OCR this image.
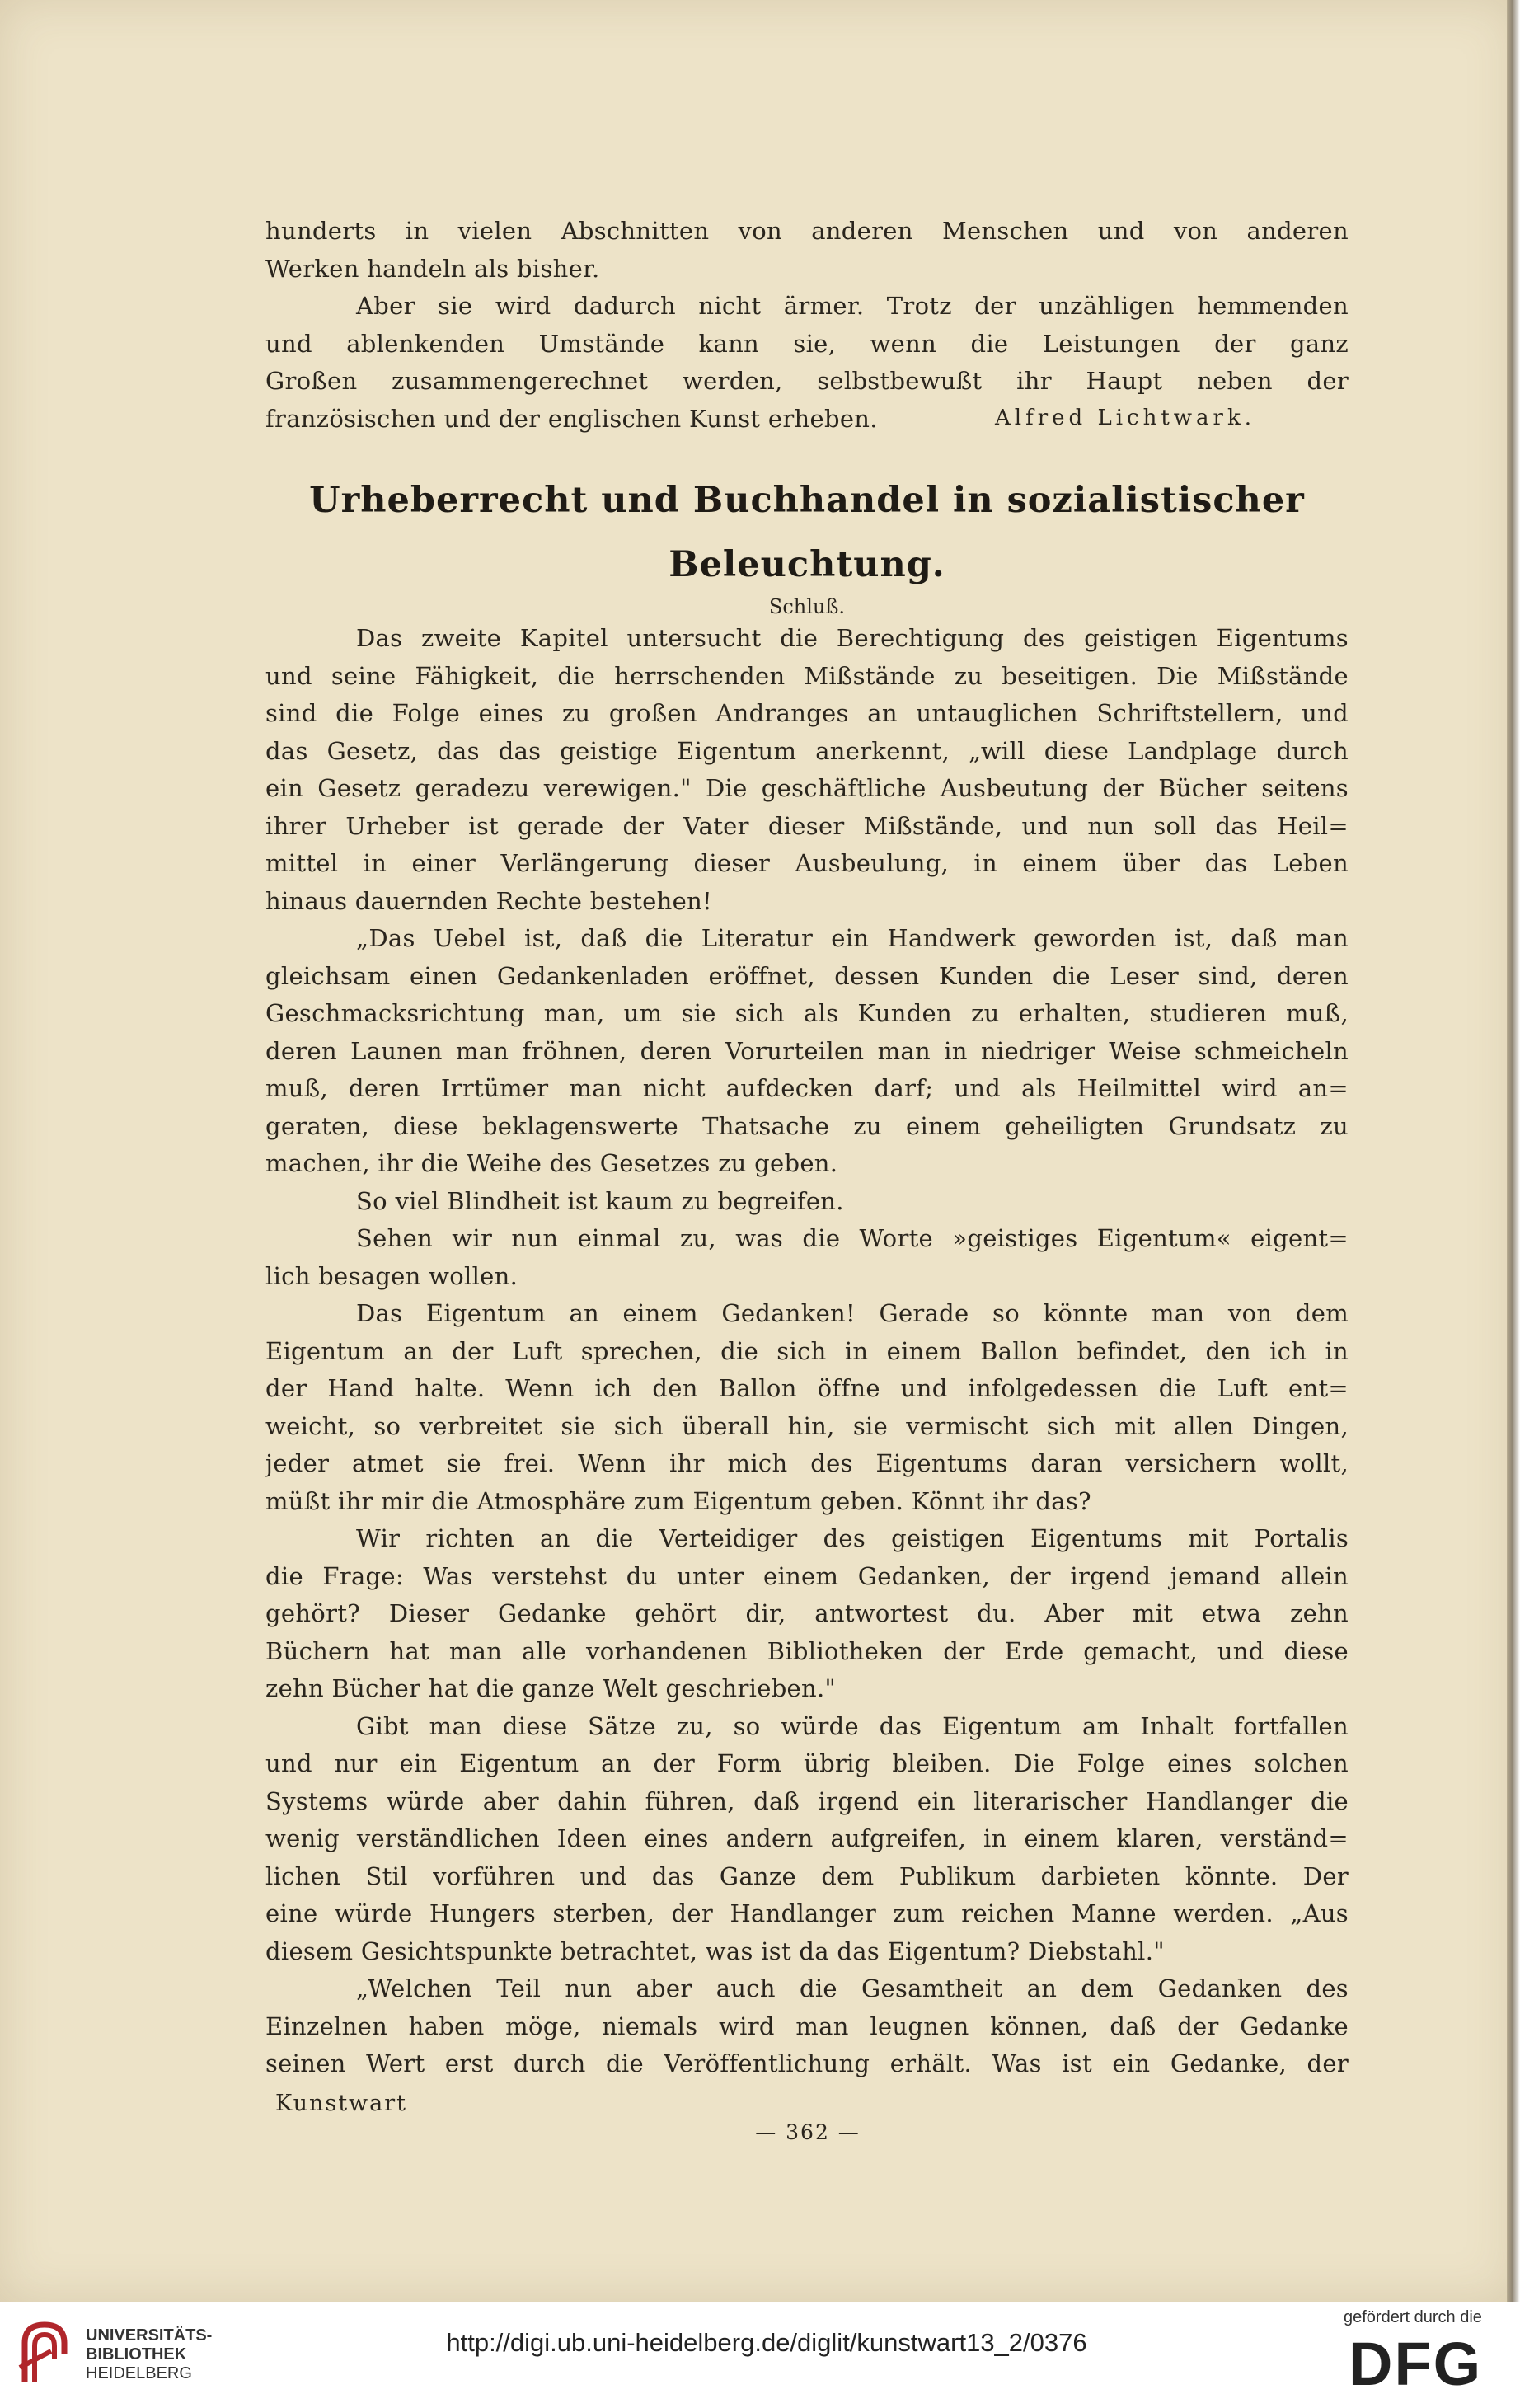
hunderts in vielen Abschnitten von anderen Menschen und von anderen

Werken handeln als bisher.

Aber sie wird dadurch nicht ärmer. Trotz der unzähligen hemmenden

und ablenkenden Umstände kann sie, wenn die Leistungen der ganz

Großen zusammengerechnet werden, selbstbewußt ihr Haupt neben der

französischen und der englischen Kunst erheben.	Alfred Lichtwark.
Urheberrecht und Buchhandel in sozialistischer
Beleuchtung.
Schluß.

Das zweite Kapitel untersucht die Berechtigung des geistigen Eigentums

und seine Fähigkeit, die herrschenden Mißstände zu beseitigen. Die Mißstände

sind die Folge eines zu großen Andranges an untauglichen Schriftstellern, und

das Gesetz, das das geistige Eigentum anerkennt, „will diese Landplage durch

ein Gesetz geradezu verewigen." Die geschäftliche Ausbeutung der Bücher seitens

ihrer Urheber ist gerade der Vater dieser Mißstände, und nun soll das Heil=

mittel in einer Verlängerung dieser Ausbeulung, in einem über das Leben

hinaus dauernden Rechte bestehen!

„Das Uebel ist, daß die Literatur ein Handwerk geworden ist, daß man

gleichsam einen Gedankenladen eröffnet, dessen Kunden die Leser sind, deren

Geschmacksrichtung man, um sie sich als Kunden zu erhalten, studieren muß,

deren Launen man fröhnen, deren Vorurteilen man in niedriger Weise schmeicheln

muß, deren Irrtümer man nicht aufdecken darf; und als Heilmittel wird an=

geraten, diese beklagenswerte Thatsache zu einem geheiligten Grundsatz zu

machen, ihr die Weihe des Gesetzes zu geben.

So viel Blindheit ist kaum zu begreifen.

Sehen wir nun einmal zu, was die Worte »geistiges Eigentum« eigent=

lich besagen wollen.

Das Eigentum an einem Gedanken! Gerade so könnte man von dem

Eigentum an der Luft sprechen, die sich in einem Ballon befindet, den ich in

der Hand halte. Wenn ich den Ballon öffne und infolgedessen die Luft ent=

weicht, so verbreitet sie sich überall hin, sie vermischt sich mit allen Dingen,

jeder atmet sie frei. Wenn ihr mich des Eigentums daran versichern wollt,

müßt ihr mir die Atmosphäre zum Eigentum geben. Könnt ihr das?

Wir richten an die Verteidiger des geistigen Eigentums mit Portalis

die Frage: Was verstehst du unter einem Gedanken, der irgend jemand allein

gehört? Dieser Gedanke gehört dir, antwortest du. Aber mit etwa zehn

Büchern hat man alle vorhandenen Bibliotheken der Erde gemacht, und diese

zehn Bücher hat die ganze Welt geschrieben."

Gibt man diese Sätze zu, so würde das Eigentum am Inhalt fortfallen

und nur ein Eigentum an der Form übrig bleiben. Die Folge eines solchen

Systems würde aber dahin führen, daß irgend ein literarischer Handlanger die

wenig verständlichen Ideen eines andern aufgreifen, in einem klaren, verständ=

lichen Stil vorführen und das Ganze dem Publikum darbieten könnte. Der

eine würde Hungers sterben, der Handlanger zum reichen Manne werden. „Aus

diesem Gesichtspunkte betrachtet, was ist da das Eigentum? Diebstahl."

„Welchen Teil nun aber auch die Gesamtheit an dem Gedanken des

Einzelnen haben möge, niemals wird man leugnen können, daß der Gedanke

seinen Wert erst durch die Veröffentlichung erhält. Was ist ein Gedanke, der

Kunstwart
— 362 —
UNIVERSITÄTS-
BIBLIOTHEK
HEIDELBERG
http://digi.ub.uni-heidelberg.de/diglit/kunstwart13_2/0376
gefördert durch die
DFG
